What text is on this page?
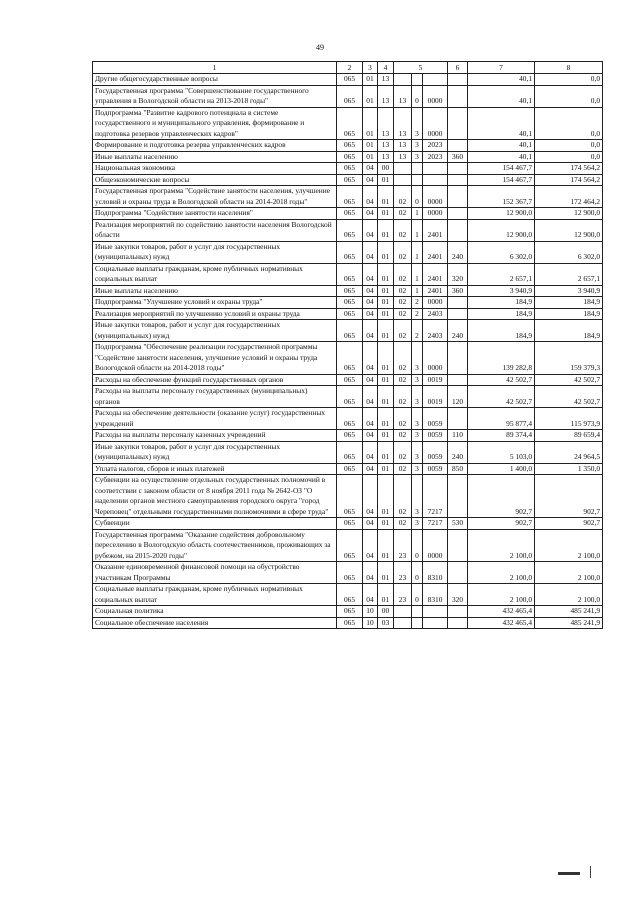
49
1	2	3	4	5			6	7	8
Другие общегосударственные вопросы	065	01	13					40,1	0,0
Государственная программа "Совершенствование государственного управления в Вологодской области на 2013-2018 годы"	065	01	13	13	0	0000		40,1	0,0
Подпрограмма "Развитие кадрового потенциала в системе государственного и муниципального управления, формирование и подготовка резервов управленческих кадров"	065	01	13	13	3	0000		40,1	0,0
Формирование и подготовка резерва управленческих кадров	065	01	13	13	3	2023		40,1	0,0
Иные выплаты населению	065	01	13	13	3	2023	360	40,1	0,0
Национальная экономика	065	04	00					154 467,7	174 564,2
Общеэкономические вопросы	065	04	01					154 467,7	174 564,2
Государственная программа "Содействие занятости населения, улучшение условий и охраны труда в Вологодской области на 2014-2018 годы"	065	04	01	02	0	0000		152 367,7	172 464,2
Подпрограмма "Содействие занятости населения"	065	04	01	02	1	0000		12 900,0	12 900,0
Реализация мероприятий по содействию занятости населения Вологодской области	065	04	01	02	1	2401		12 900,0	12 900,0
Иные закупки товаров, работ и услуг для государственных (муниципальных) нужд	065	04	01	02	1	2401	240	6 302,0	6 302,0
Социальные выплаты гражданам, кроме публичных нормативных социальных выплат	065	04	01	02	1	2401	320	2 657,1	2 657,1
Иные выплаты населению	065	04	01	02	1	2401	360	3 940,9	3 940,9
Подпрограмма "Улучшение условий и охраны труда"	065	04	01	02	2	0000		184,9	184,9
Реализация мероприятий по улучшению условий и охраны труда	065	04	01	02	2	2403		184,9	184,9
Иные закупки товаров, работ и услуг для государственных (муниципальных) нужд	065	04	01	02	2	2403	240	184,9	184,9
Подпрограмма "Обеспечение реализации государственной программы "Содействие занятости населения, улучшение условий и охраны труда Вологодской области на 2014-2018 годы"	065	04	01	02	3	0000		139 282,8	159 379,3
Расходы на обеспечение функций государственных органов	065	04	01	02	3	0019		42 502,7	42 502,7
Расходы на выплаты персоналу государственных (муниципальных) органов	065	04	01	02	3	0019	120	42 502,7	42 502,7
Расходы на обеспечение деятельности (оказание услуг) государственных учреждений	065	04	01	02	3	0059		95 877,4	115 973,9
Расходы на выплаты персоналу казенных учреждений	065	04	01	02	3	0059	110	89 374,4	89 659,4
Иные закупки товаров, работ и услуг для государственных (муниципальных) нужд	065	04	01	02	3	0059	240	5 103,0	24 964,5
Уплата налогов, сборов и иных платежей	065	04	01	02	3	0059	850	1 400,0	1 350,0
Субвенции на осуществление отдельных государственных полномочий в соответствии с законом области от 8 ноября 2011 года № 2642-ОЗ "О наделении органов местного самоуправления городского округа "город Череповец" отдельными государственными полномочиями в сфере труда"	065	04	01	02	3	7217		902,7	902,7
Субвенции	065	04	01	02	3	7217	530	902,7	902,7
Государственная программа "Оказание содействия добровольному переселению в Вологодскую область соотечественников, проживающих за рубежом, на 2015-2020 годы"	065	04	01	23	0	0000		2 100,0	2 100,0
Оказание единовременной финансовой помощи на обустройство участникам Программы	065	04	01	23	0	8310		2 100,0	2 100,0
Социальные выплаты гражданам, кроме публичных нормативных социальных выплат	065	04	01	23	0	8310	320	2 100,0	2 100,0
Социальная политика	065	10	00					432 465,4	485 241,9
Социальное обеспечение населения	065	10	03					432 465,4	485 241,9
